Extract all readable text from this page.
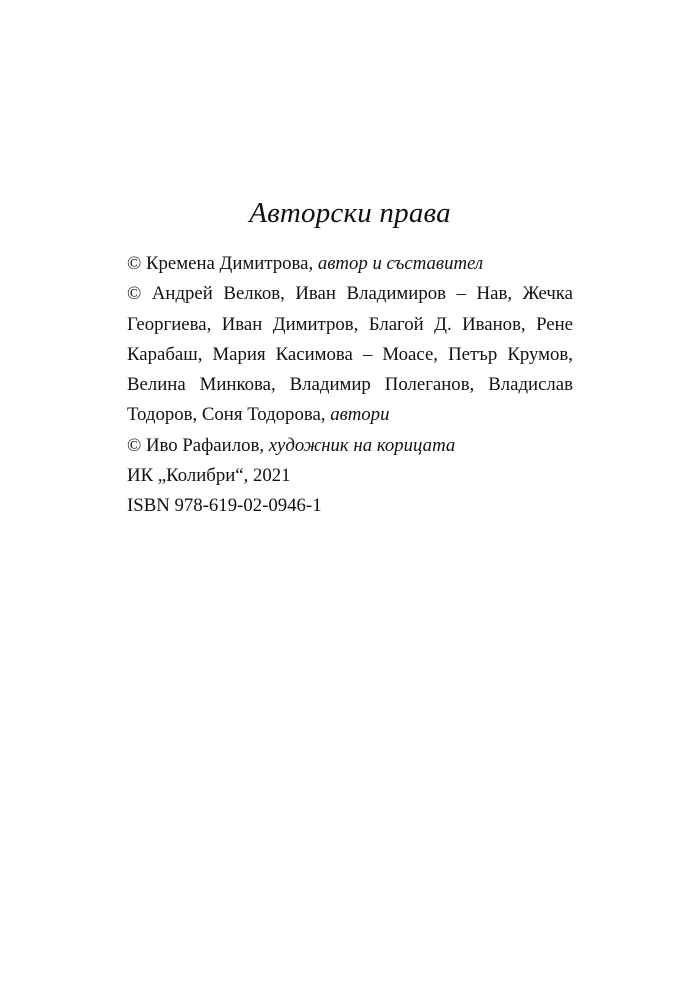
Авторски права
© Кремена Димитрова, автор и съставител
© Андрей Велков, Иван Владимиров – Нав, Жечка Георгиева, Иван Димитров, Благой Д. Иванов, Рене Карабаш, Мария Касимова – Моасе, Петър Крумов, Велина Минкова, Владимир Полеганов, Владислав Тодоров, Соня Тодорова, автори
© Иво Рафаилов, художник на корицата
ИК „Колибри“, 2021
ISBN 978-619-02-0946-1
